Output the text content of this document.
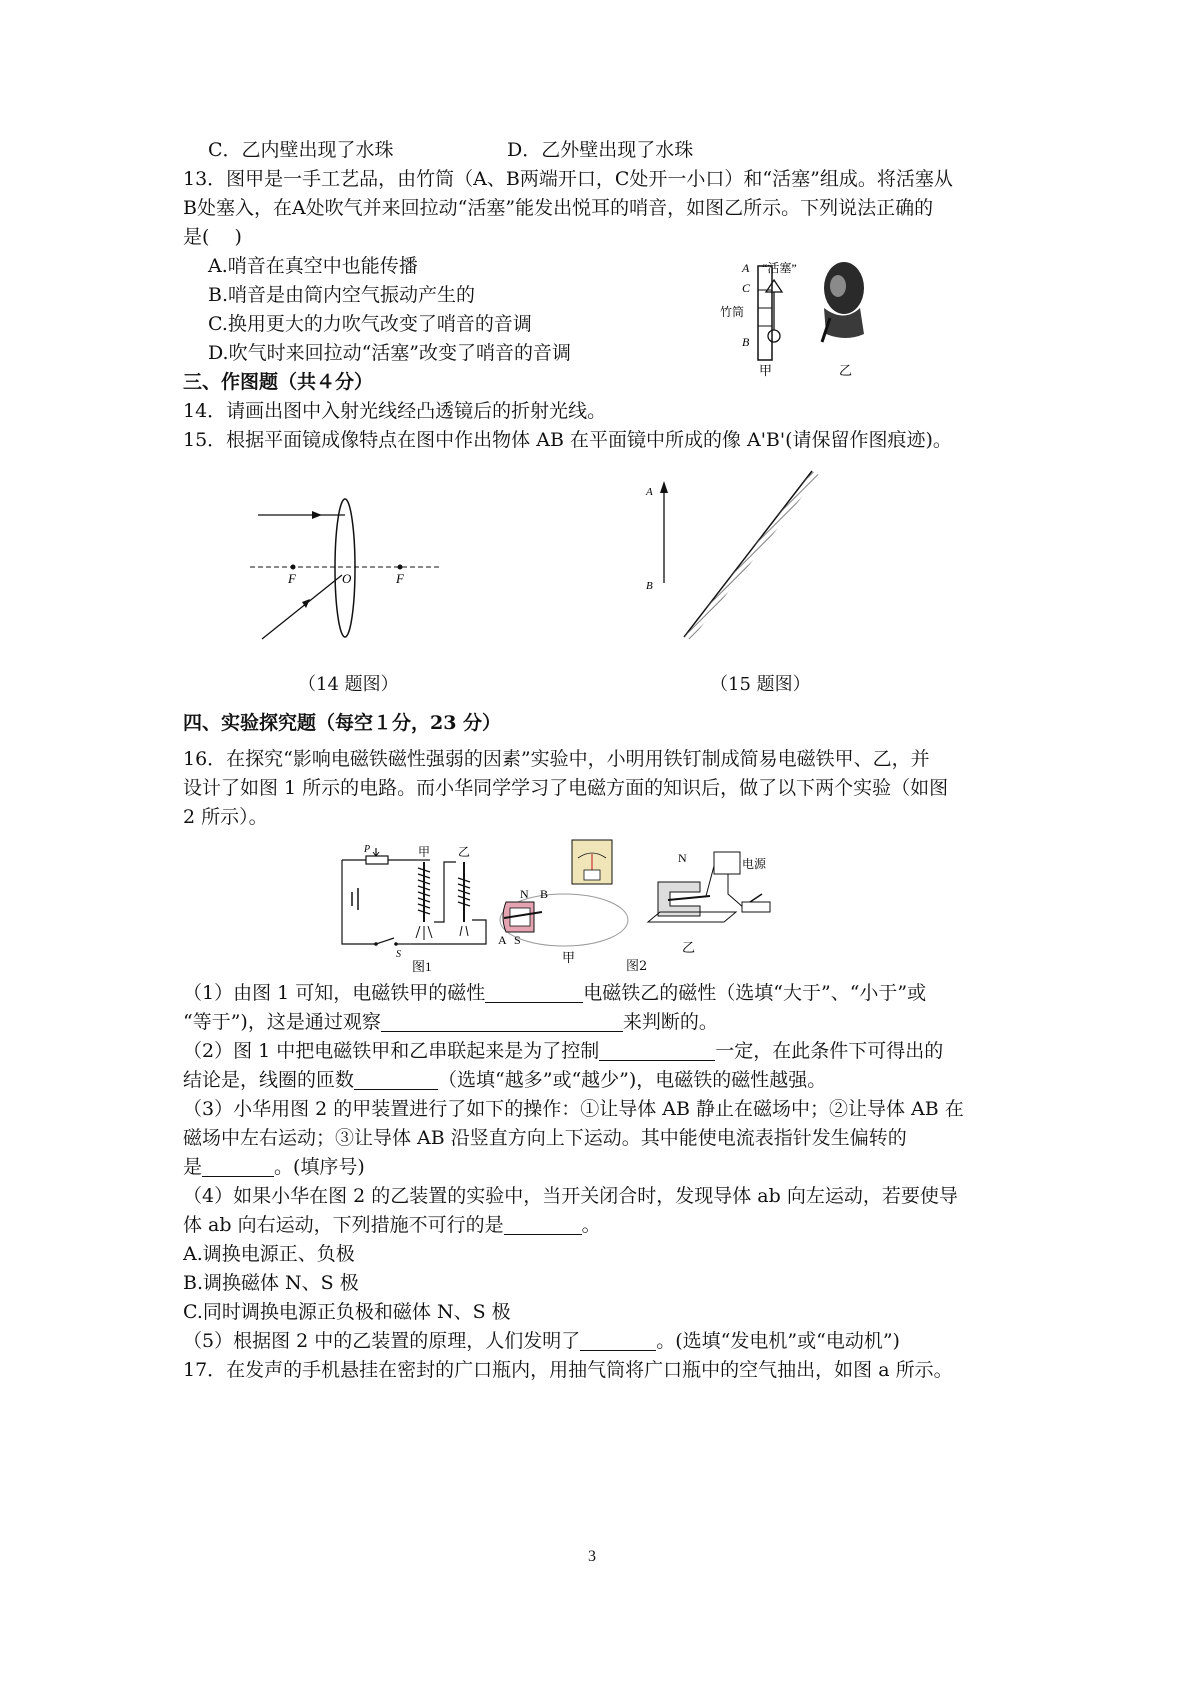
C．乙内壁出现了水珠	D．乙外壁出现了水珠
13．图甲是一手工艺品，由竹筒（A、B两端开口，C处开一小口）和“活塞”组成。将活塞从
B处塞入，在A处吹气并来回拉动“活塞”能发出悦耳的哨音，如图乙所示。下列说法正确的
是(　 )
A.哨音在真空中也能传播
B.哨音是由筒内空气振动产生的
C.换用更大的力吹气改变了哨音的音调
D.吹气时来回拉动“活塞”改变了哨音的音调
A
C
竹筒
B
“活塞”
甲	乙
三、作图题（共４分）
14．请画出图中入射光线经凸透镜后的折射光线。
15．根据平面镜成像特点在图中作出物体 AB 在平面镜中所成的像 A'B'(请保留作图痕迹)。
F	O	F
（14 题图）
A
B
（15 题图）
四、实验探究题（每空１分，23 分）
16．在探究“影响电磁铁磁性强弱的因素”实验中，小明用铁钉制成简易电磁铁甲、乙，并
设计了如图 1 所示的电路。而小华同学学习了电磁方面的知识后，做了以下两个实验（如图
2 所示）。
P	甲 乙
S
图1
N B
A S
甲
N	电源
乙
图2
（1）由图 1 可知，电磁铁甲的磁性	电磁铁乙的磁性（选填“大于”、“小于”或
“等于”)，这是通过观察	来判断的。
（2）图 1 中把电磁铁甲和乙串联起来是为了控制	一定，在此条件下可得出的
结论是，线圈的匝数	（选填“越多”或“越少”)，电磁铁的磁性越强。
（3）小华用图 2 的甲装置进行了如下的操作：①让导体 AB 静止在磁场中；②让导体 AB 在
磁场中左右运动；③让导体 AB 沿竖直方向上下运动。其中能使电流表指针发生偏转的
是	。(填序号)
（4）如果小华在图 2 的乙装置的实验中，当开关闭合时，发现导体 ab 向左运动，若要使导
体 ab 向右运动，下列措施不可行的是	。
A.调换电源正、负极
B.调换磁体 N、S 极
C.同时调换电源正负极和磁体 N、S 极
（5）根据图 2 中的乙装置的原理，人们发明了	。(选填“发电机”或“电动机”)
17．在发声的手机悬挂在密封的广口瓶内，用抽气筒将广口瓶中的空气抽出，如图 a 所示。
3
